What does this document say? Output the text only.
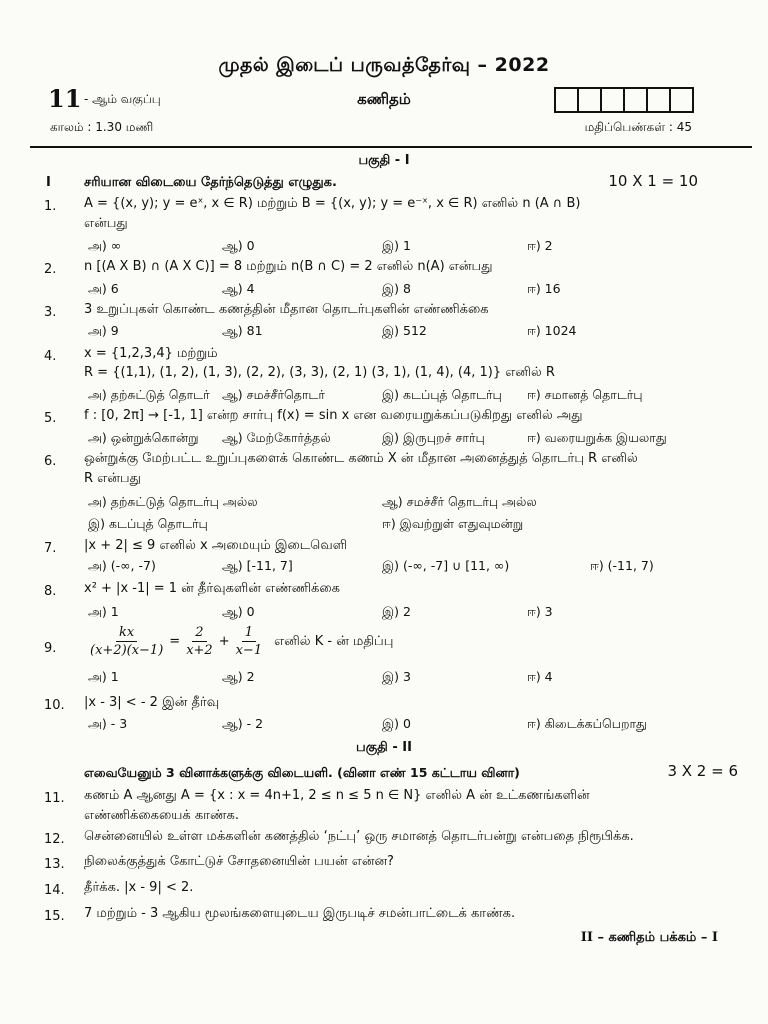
முதல் இடைப் பருவத்தேர்வு – 2022
11 - ஆம் வகுப்பு	கணிதம்
காலம் : 1.30 மணி	மதிப்பெண்கள் : 45
பகுதி - I
I	சரியான விடையை தேர்ந்தெடுத்து எழுதுக.	10 X 1 = 10
1. A = {(x, y); y = eˣ, x ∈ R) மற்றும் B = {(x, y); y = e⁻ˣ, x ∈ R) எனில் n (A ∩ B)
என்பது
அ) ∞	ஆ) 0	இ) 1	ஈ) 2
2. n [(A X B) ∩ (A X C)] = 8 மற்றும் n(B ∩ C) = 2 எனில் n(A) என்பது
அ) 6	ஆ) 4	இ) 8	ஈ) 16
3. 3 உறுப்புகள் கொண்ட கணத்தின் மீதான தொடர்புகளின் எண்ணிக்கை
அ) 9	ஆ) 81	இ) 512	ஈ) 1024
4. x = {1,2,3,4} மற்றும்
R = {(1,1), (1, 2), (1, 3), (2, 2), (3, 3), (2, 1) (3, 1), (1, 4), (4, 1)} எனில் R
அ) தற்சுட்டுத் தொடர் ஆ) சமச்சீர்தொடர்	இ) கடப்புத் தொடர்பு ஈ) சமானத் தொடர்பு
5. f : [0, 2π] → [-1, 1] என்ற சார்பு f(x) = sin x என வரையறுக்கப்படுகிறது எனில் அது
அ) ஒன்றுக்கொன்று ஆ) மேற்கோர்த்தல்	இ) இருபுறச் சார்பு	ஈ) வரையறுக்க இயலாது
6. ஒன்றுக்கு மேற்பட்ட உறுப்புகளைக் கொண்ட கணம் X ன் மீதான அனைத்துத் தொடர்பு R எனில்
R என்பது
அ) தற்சுட்டுத் தொடர்பு அல்ல	ஆ) சமச்சீர் தொடர்பு அல்ல
இ) கடப்புத் தொடர்பு	ஈ) இவற்றுள் எதுவுமன்று
7. |x + 2| ≤ 9 எனில் x அமையும் இடைவெளி
அ) (-∞, -7)	ஆ) [-11, 7]	இ) (-∞, -7] ∪ [11, ∞)	ஈ) (-11, 7)
8. x² + |x -1| = 1 ன் தீர்வுகளின் எண்ணிக்கை
அ) 1	ஆ) 0	இ) 2	ஈ) 3
9. $\frac{kx}{(x+2)(x-1)} = \frac{2}{x+2} + \frac{1}{x-1}$ எனில் K - ன் மதிப்பு
அ) 1	ஆ) 2	இ) 3	ஈ) 4
10. |x - 3| < - 2 இன் தீர்வு
அ) - 3	ஆ) - 2	இ) 0	ஈ) கிடைக்கப்பெறாது
பகுதி - II
எவையேனும் 3 வினாக்களுக்கு விடையளி. (வினா எண் 15 கட்டாய வினா)	3 X 2 = 6
11. கணம் A ஆனது A = {x : x = 4n+1, 2 ≤ n ≤ 5 n ∈ N} எனில் A ன் உட்கணங்களின்
எண்ணிக்கையைக் காண்க.
12. சென்னையில் உள்ள மக்களின் கணத்தில் ‘நட்பு’ ஒரு சமானத் தொடர்பன்று என்பதை நிரூபிக்க.
13. நிலைக்குத்துக் கோட்டுச் சோதனையின் பயன் என்ன?
14. தீர்க்க. |x - 9| < 2.
15. 7 மற்றும் - 3 ஆகிய மூலங்களையுடைய இருபடிச் சமன்பாட்டைக் காண்க.
II – கணிதம் பக்கம் – I
